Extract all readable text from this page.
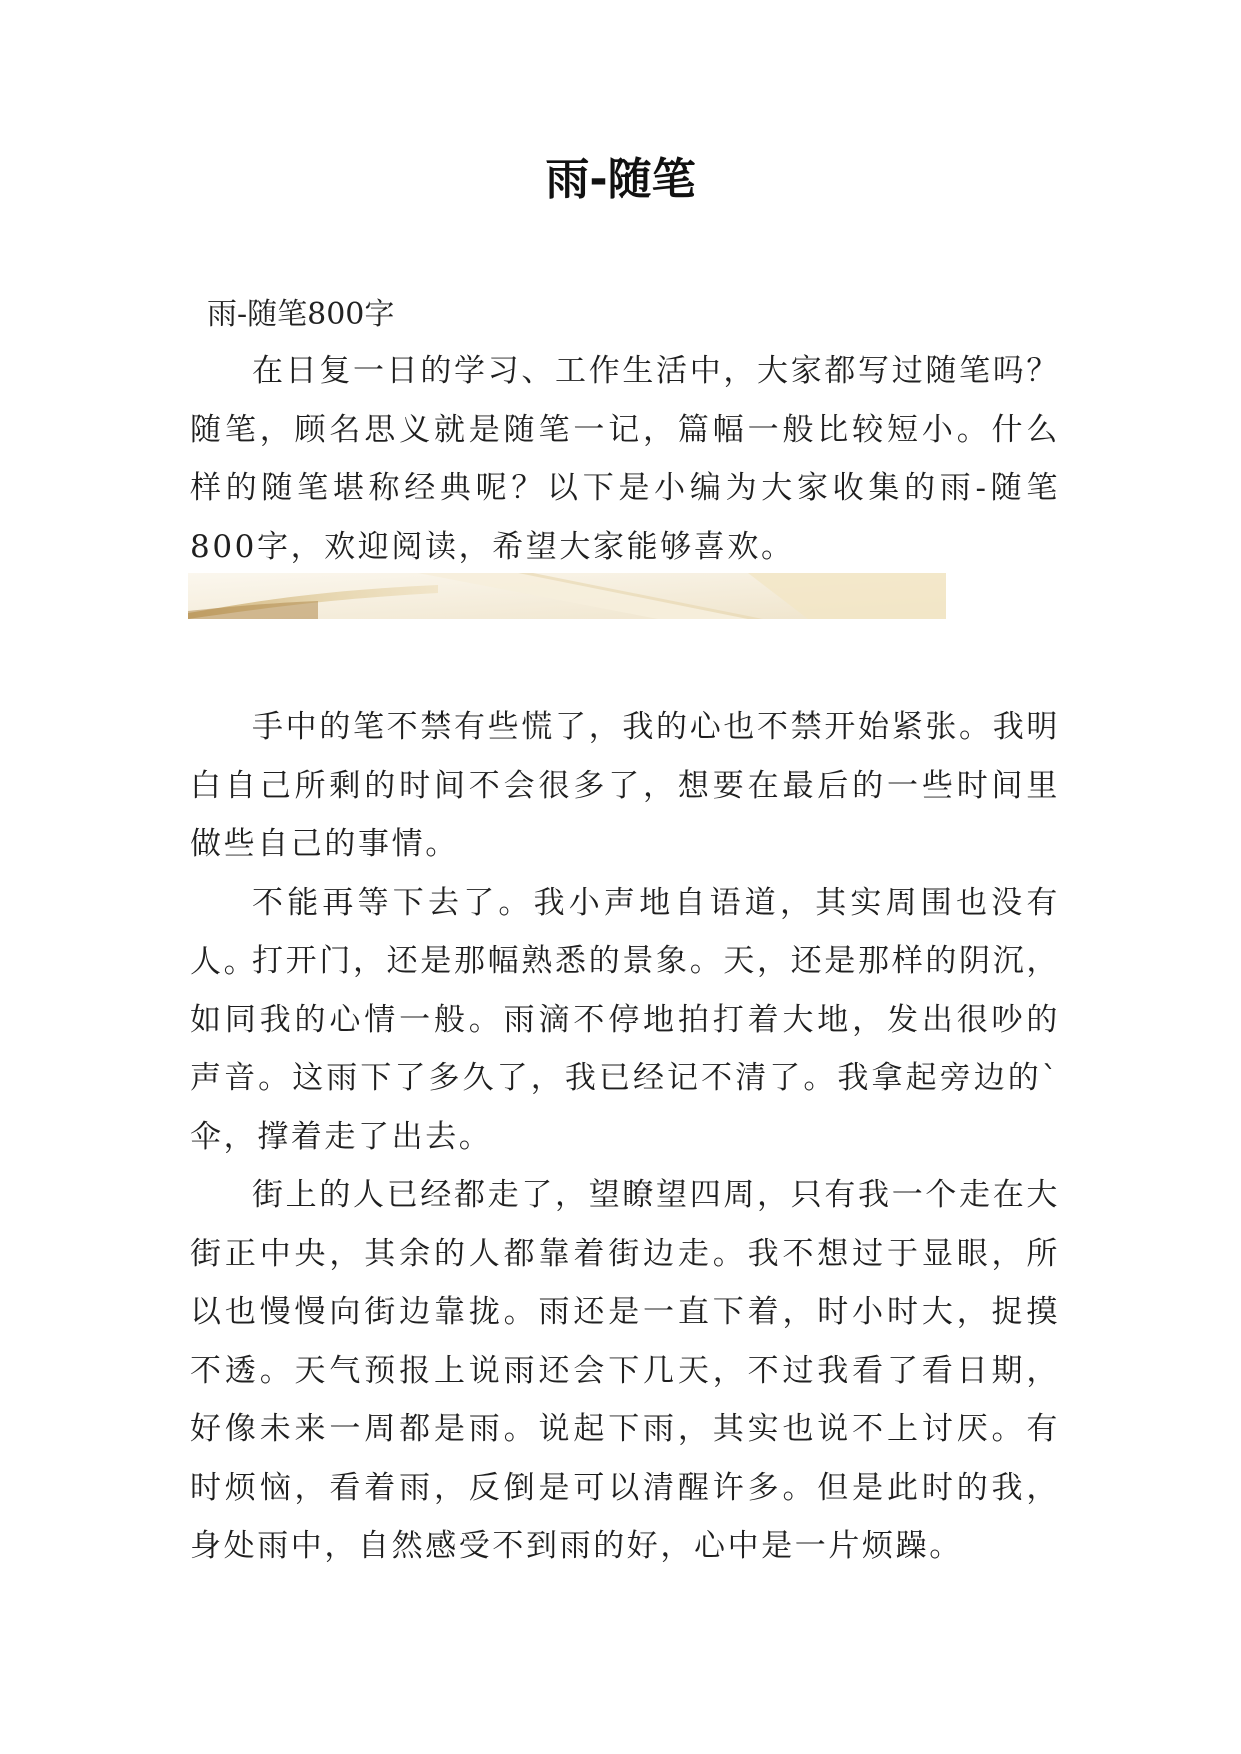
雨-随笔
雨-随笔800字

在日复一日的学习、工作生活中，大家都写过随笔吗？随笔，顾名思义就是随笔一记，篇幅一般比较短小。什么样的随笔堪称经典呢？以下是小编为大家收集的雨-随笔800字，欢迎阅读，希望大家能够喜欢。

手中的笔不禁有些慌了，我的心也不禁开始紧张。我明白自己所剩的时间不会很多了，想要在最后的一些时间里做些自己的事情。

不能再等下去了。我小声地自语道，其实周围也没有人。

打开门，还是那幅熟悉的景象。天，还是那样的阴沉，如同我的心情一般。雨滴不停地拍打着大地，发出很吵的声音。这雨下了多久了，我已经记不清了。我拿起旁边的`伞，撑着走了出去。

街上的人已经都走了，望瞭望四周，只有我一个走在大街正中央，其余的人都靠着街边走。我不想过于显眼，所以也慢慢向街边靠拢。雨还是一直下着，时小时大，捉摸不透。天气预报上说雨还会下几天，不过我看了看日期，好像未来一周都是雨。说起下雨，其实也说不上讨厌。有时烦恼，看着雨，反倒是可以清醒许多。但是此时的我，身处雨中，自然感受不到雨的好，心中是一片烦躁。
